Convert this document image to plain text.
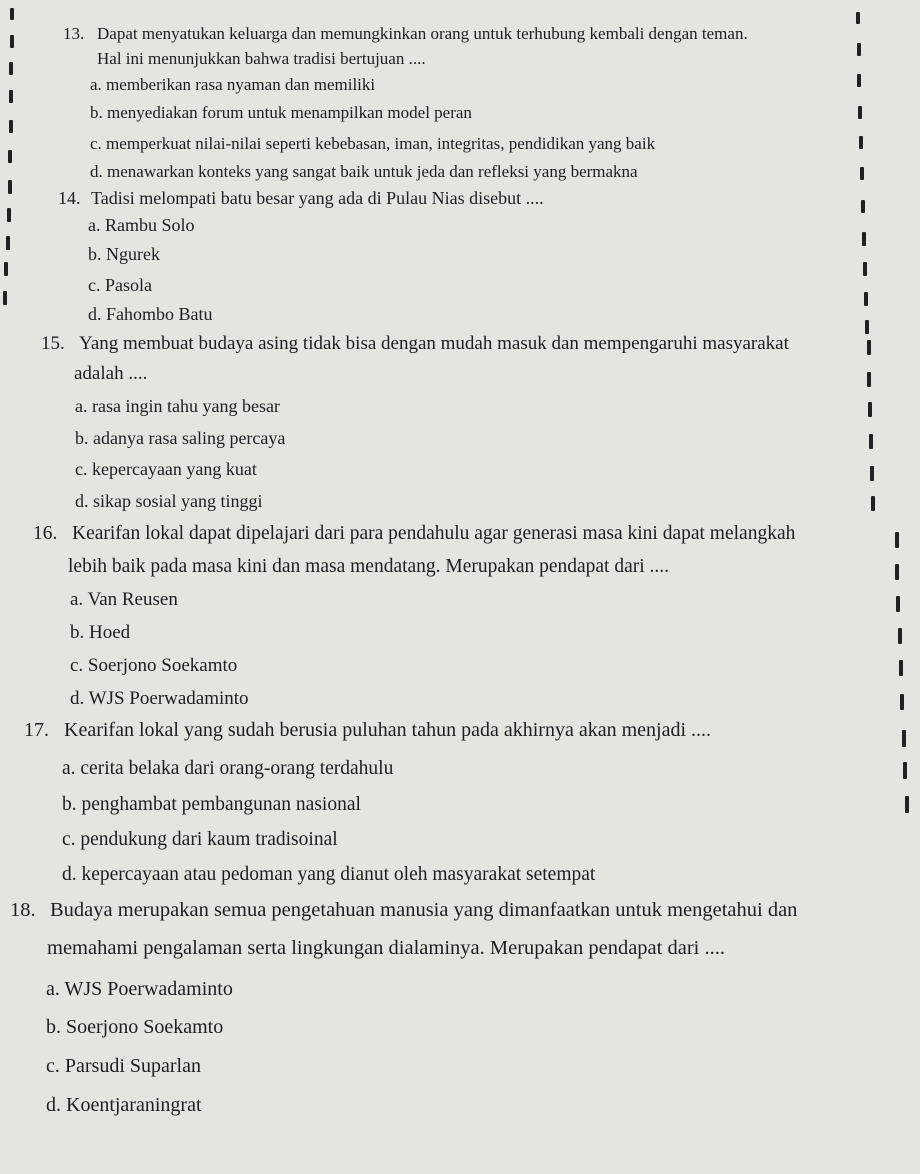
13. Dapat menyatukan keluarga dan memungkinkan orang untuk terhubung kembali dengan teman.
Hal ini menunjukkan bahwa tradisi bertujuan ....
a. memberikan rasa nyaman dan memiliki
b. menyediakan forum untuk menampilkan model peran
c. memperkuat nilai-nilai seperti kebebasan, iman, integritas, pendidikan yang baik
d. menawarkan konteks yang sangat baik untuk jeda dan refleksi yang bermakna
14. Tadisi melompati batu besar yang ada di Pulau Nias disebut ....
a. Rambu Solo
b. Ngurek
c. Pasola
d. Fahombo Batu
15. Yang membuat budaya asing tidak bisa dengan mudah masuk dan mempengaruhi masyarakat
adalah ....
a. rasa ingin tahu yang besar
b. adanya rasa saling percaya
c. kepercayaan yang kuat
d. sikap sosial yang tinggi
16. Kearifan lokal dapat dipelajari dari para pendahulu agar generasi masa kini dapat melangkah
lebih baik pada masa kini dan masa mendatang. Merupakan pendapat dari ....
a. Van Reusen
b. Hoed
c. Soerjono Soekamto
d. WJS Poerwadaminto
17. Kearifan lokal yang sudah berusia puluhan tahun pada akhirnya akan menjadi ....
a. cerita belaka dari orang-orang terdahulu
b. penghambat pembangunan nasional
c. pendukung dari kaum tradisoinal
d. kepercayaan atau pedoman yang dianut oleh masyarakat setempat
18. Budaya merupakan semua pengetahuan manusia yang dimanfaatkan untuk mengetahui dan
memahami pengalaman serta lingkungan dialaminya. Merupakan pendapat dari ....
a. WJS Poerwadaminto
b. Soerjono Soekamto
c. Parsudi Suparlan
d. Koentjaraningrat
